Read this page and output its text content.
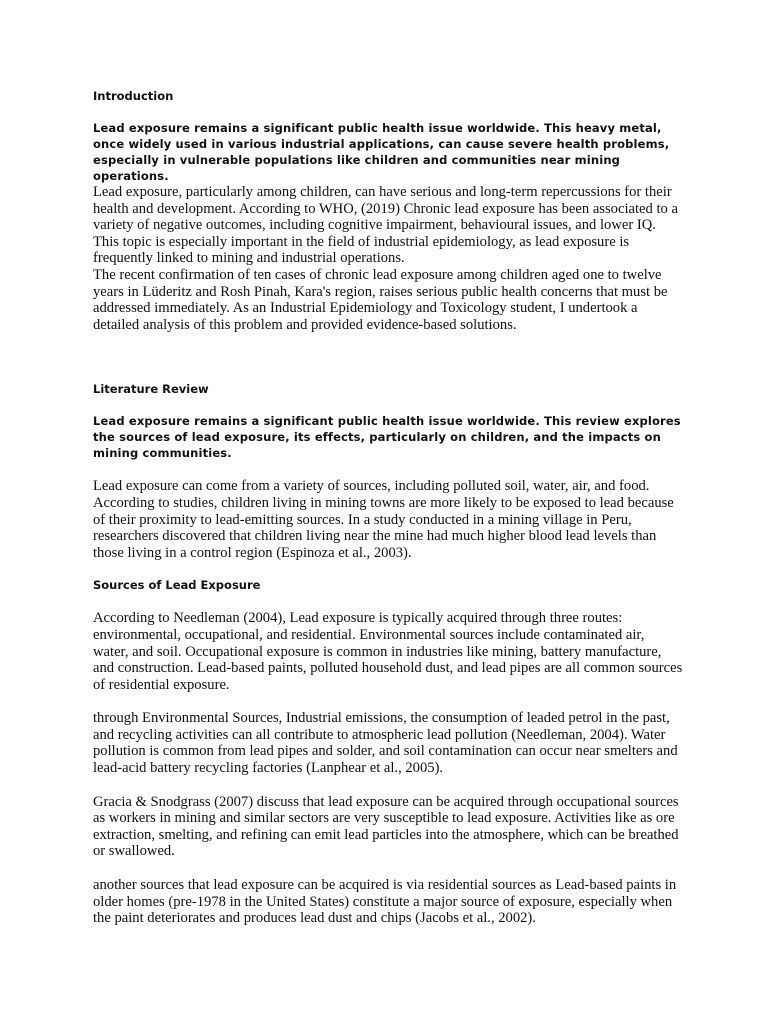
Introduction

Lead exposure remains a significant public health issue worldwide. This heavy metal, once widely used in various industrial applications, can cause severe health problems, especially in vulnerable populations like children and communities near mining operations.

Lead exposure, particularly among children, can have serious and long-term repercussions for their health and development. According to WHO, (2019) Chronic lead exposure has been associated to a variety of negative outcomes, including cognitive impairment, behavioural issues, and lower IQ. This topic is especially important in the field of industrial epidemiology, as lead exposure is frequently linked to mining and industrial operations.

The recent confirmation of ten cases of chronic lead exposure among children aged one to twelve years in Lüderitz and Rosh Pinah, Kara's region, raises serious public health concerns that must be addressed immediately. As an Industrial Epidemiology and Toxicology student, I undertook a detailed analysis of this problem and provided evidence-based solutions.

Literature Review

Lead exposure remains a significant public health issue worldwide. This review explores the sources of lead exposure, its effects, particularly on children, and the impacts on mining communities.

Lead exposure can come from a variety of sources, including polluted soil, water, air, and food. According to studies, children living in mining towns are more likely to be exposed to lead because of their proximity to lead-emitting sources. In a study conducted in a mining village in Peru, researchers discovered that children living near the mine had much higher blood lead levels than those living in a control region (Espinoza et al., 2003).

Sources of Lead Exposure

According to Needleman (2004), Lead exposure is typically acquired through three routes: environmental, occupational, and residential. Environmental sources include contaminated air, water, and soil. Occupational exposure is common in industries like mining, battery manufacture, and construction. Lead-based paints, polluted household dust, and lead pipes are all common sources of residential exposure.

through Environmental Sources, Industrial emissions, the consumption of leaded petrol in the past, and recycling activities can all contribute to atmospheric lead pollution (Needleman, 2004). Water pollution is common from lead pipes and solder, and soil contamination can occur near smelters and lead-acid battery recycling factories (Lanphear et al., 2005).

Gracia & Snodgrass (2007) discuss that lead exposure can be acquired through occupational sources as workers in mining and similar sectors are very susceptible to lead exposure. Activities like as ore extraction, smelting, and refining can emit lead particles into the atmosphere, which can be breathed or swallowed.

another sources that lead exposure can be acquired is via residential sources as Lead-based paints in older homes (pre-1978 in the United States) constitute a major source of exposure, especially when the paint deteriorates and produces lead dust and chips (Jacobs et al., 2002).
